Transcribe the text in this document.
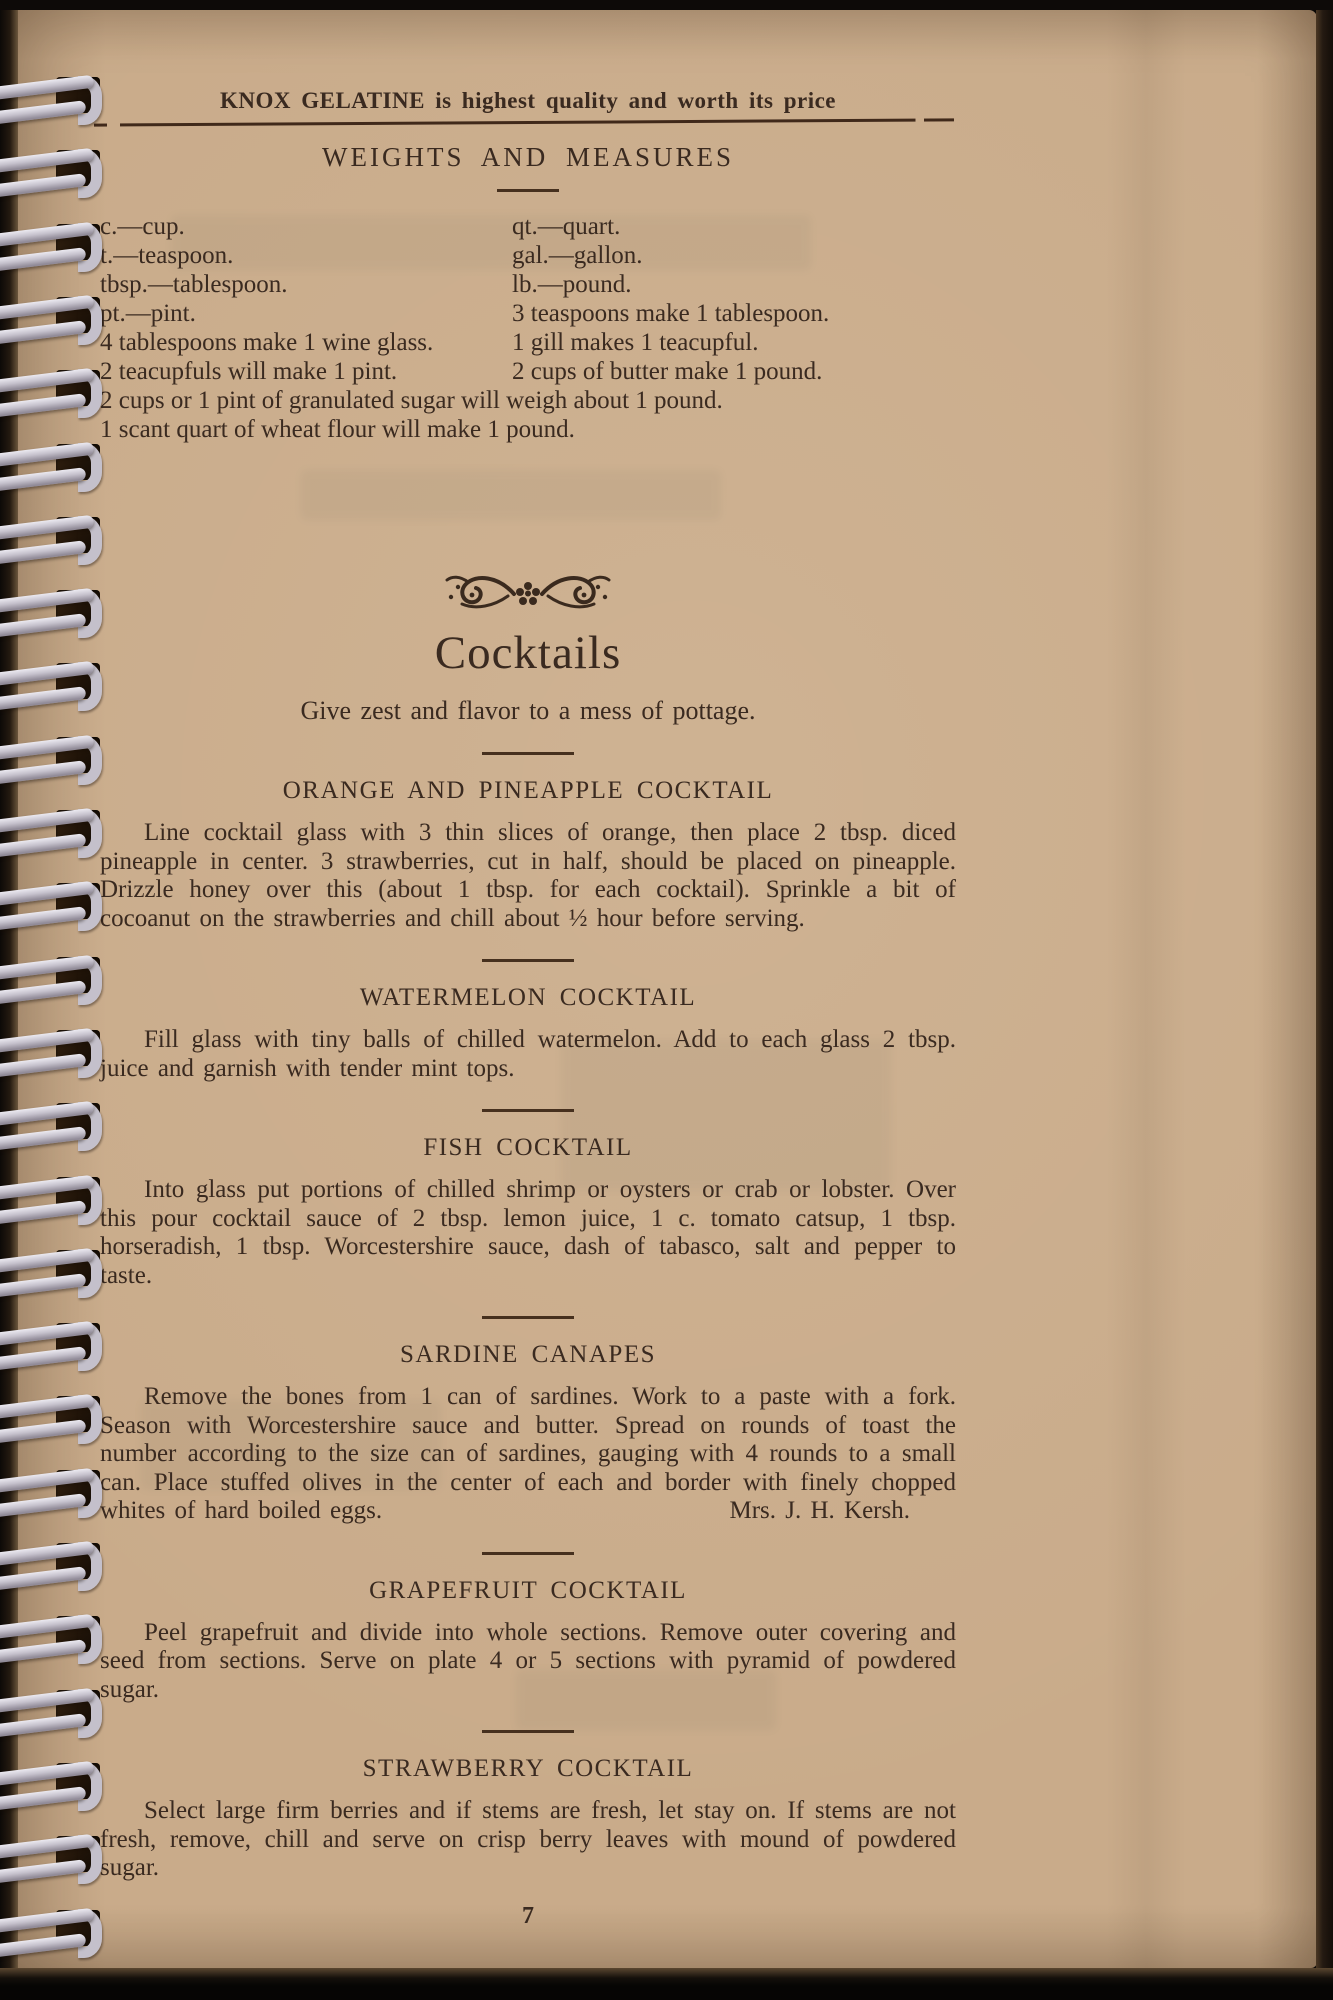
KNOX GELATINE is highest quality and worth its price
WEIGHTS AND MEASURES
c.—cup.	qt.—quart.
t.—teaspoon.	gal.—gallon.
tbsp.—tablespoon.	lb.—pound.
pt.—pint.	3 teaspoons make 1 tablespoon.
4 tablespoons make 1 wine glass.	1 gill makes 1 teacupful.
2 teacupfuls will make 1 pint.	2 cups of butter make 1 pound.
2 cups or 1 pint of granulated sugar will weigh about 1 pound.
1 scant quart of wheat flour will make 1 pound.
Cocktails
Give zest and flavor to a mess of pottage.
ORANGE AND PINEAPPLE COCKTAIL

Line cocktail glass with 3 thin slices of orange, then place 2 tbsp. diced pineapple in center. 3 strawberries, cut in half, should be placed on pineapple. Drizzle honey over this (about 1 tbsp. for each cocktail). Sprinkle a bit of cocoanut on the strawberries and chill about ½ hour before serving.

WATERMELON COCKTAIL

Fill glass with tiny balls of chilled watermelon. Add to each glass 2 tbsp. juice and garnish with tender mint tops.

FISH COCKTAIL

Into glass put portions of chilled shrimp or oysters or crab or lobster. Over this pour cocktail sauce of 2 tbsp. lemon juice, 1 c. tomato catsup, 1 tbsp. horseradish, 1 tbsp. Worcestershire sauce, dash of tabasco, salt and pepper to taste.

SARDINE CANAPES

Remove the bones from 1 can of sardines. Work to a paste with a fork. Season with Worcestershire sauce and butter. Spread on rounds of toast the number according to the size can of sardines, gauging with 4 rounds to a small can. Place stuffed olives in the center of each and border with finely chopped whites of hard boiled eggs.	Mrs. J. H. Kersh.

GRAPEFRUIT COCKTAIL

Peel grapefruit and divide into whole sections. Remove outer covering and seed from sections. Serve on plate 4 or 5 sections with pyramid of powdered sugar.

STRAWBERRY COCKTAIL

Select large firm berries and if stems are fresh, let stay on. If stems are not fresh, remove, chill and serve on crisp berry leaves with mound of powdered sugar.

7
